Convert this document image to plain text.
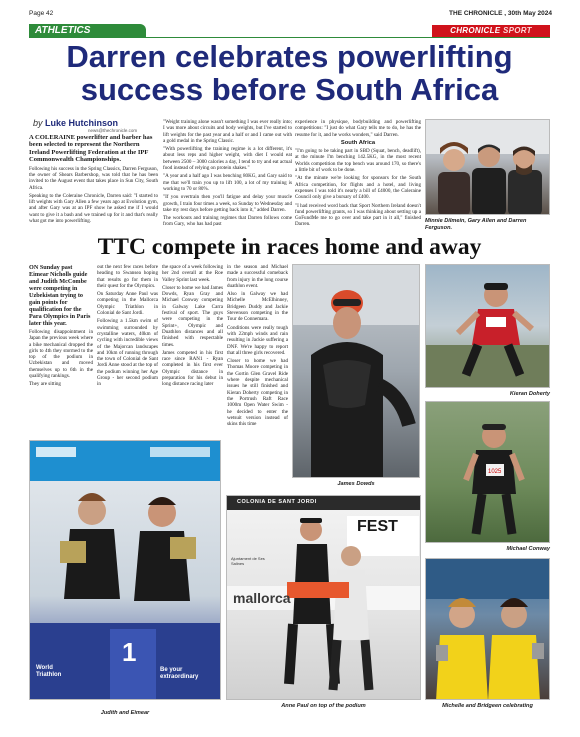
Page 42	THE CHRONICLE , 30th May 2024
ATHLETICS	CHRONICLE SPORT
Darren celebrates powerlifting
success before South Africa
by Luke Hutchinson
news@thechronicle.com

A COLERAINE powerlifter and barber has been selected to represent the Northern Ireland Powerlifting Federation at the IPF Commonwealth Championships.

Following his success in the Spring Classics, Darren Ferguson, the owner of Shears Barbershop, was told that he has been invited to the August event that takes place in Sun City, South Africa.

Speaking to the Coleraine Chronicle, Darren said: "I started to lift weights with Gary Allen a few years ago at Evolution gym, and after Gary was at an IPF show he asked me if I would want to give it a bash and we trained up for it and that's really what got me into powerlifting.

"Weight training alone wasn't something I was ever really into; I was more about circuits and body weights, but I've started to lift weights for the past year and a half or and I came out with a gold medal in the Spring Classic.

"With powerlifting the training regime is a lot different, it's about less reps and higher weight, with diet I would eat between 2500 – 3000 calories a day, I tend to try and eat actual food instead of relying on protein shakes."

"A year and a half ago I was benching 80KG, and Gary said to me that we'll train you up to lift 100, a lot of my training is working to 70 or 80%.

"If you overtrain then you'll fatigue and delay your muscle growth, I train four times a week, so Sunday to Wednesday and take my rest days before getting back into it," added Darren.

The workouts and training regimes that Darren follows come from Gary, who has had past

experience in physique, bodybuilding and powerlifting competitions: "I just do what Gary tells me to do, he has the resume for it, and he works wonders," said Darren.

South Africa

"I'm going to be taking part in SBD (Squat, bench, deadlift), at the minute I'm benching 142.5KG, in the most recent Worlds competition the top bench was around 170, so there's a little bit of work to be done.

"At the minute we're looking for sponsors for the South Africa competition, for flights and a hotel, and living expenses I was told it's nearly a bill of £4000, the Coleraine Council only give a bursary of £400.

"I had received word back that Sport Northern Ireland doesn't fund powerlifting grants, so I was thinking about setting up a GoFundMe me to go over and take part in it all," finished Darren.

Minnie Dilmein, Gary Allen and Darren Ferguson.
TTC compete in races home and away

ON Sunday past Eimear Nicholls guide and Judith McCombe were competing in Uzbekistan trying to gain points for qualification for the Para Olympics in Paris later this year.

Following disappointment in Japan the previous week where a bike mechanical dropped the girls to 4th they stormed to the top of the podium in Uzbekistan and moved themselves up to 6th in the qualifying rankings.

They are sitting

out the next few races before heading to Swansea hoping that results go for them in their quest for the Olympics.

On Saturday Anne Paul was competing in the Mallorca Olympic Triathlon in Colonial de Sant Jordi.

Following a 1.5km swim of swimming surrounded by crystalline waters, 40km of cycling with incredible views of the Majorcan landscapes and 10km of running through the town of Colonial de Sant Jordi Anne stood at the top of the podium winning her Age Group - her second podium in

the space of a week following her 2nd overall at the Roe Valley Sprint last week.

Closer to home we had James Dowds, Ryan Gray and Michael Conway competing in Galway Lake Carra festival of sport. The guys were competing in the Sprint+, Olympic and Duathlon distances and all finished with respectable times.

James competed in his first race since RAN1 - Ryan completed in his first ever Olympic distance in preparation for his debut in long distance racing later

in the season and Michael made a successful comeback from injury in the long course duathlon event.

Also in Galway we had Michelle McElhinney, Bridgeen Duddy and Jackie Stevenson competing in the Tour de Connemara.

Conditions were really tough with 22mph winds and rain resulting in Jackie suffering a DNF. We're happy to report that all three girls recovered.

Closer to home we had Thomas Moore competing in the Gortin Glen Gravel Ride where despite mechanical issues he still finished and Kieran Doherty competing in the Portrush Raft Race 1000m Open Water Swim - he decided to enter the wetsuit version instead of skins this time

James Dowds
Kieran Doherty
1025
Michael Conway
1
World
Triathlon
Be your
extraordinary
Judith and Eimear
COLONIA DE SANT JORDI
FEST
mallorca
Ajuntament de Ses Salines
Anne Paul on top of the podium	Michelle and Bridgeen celebrating
